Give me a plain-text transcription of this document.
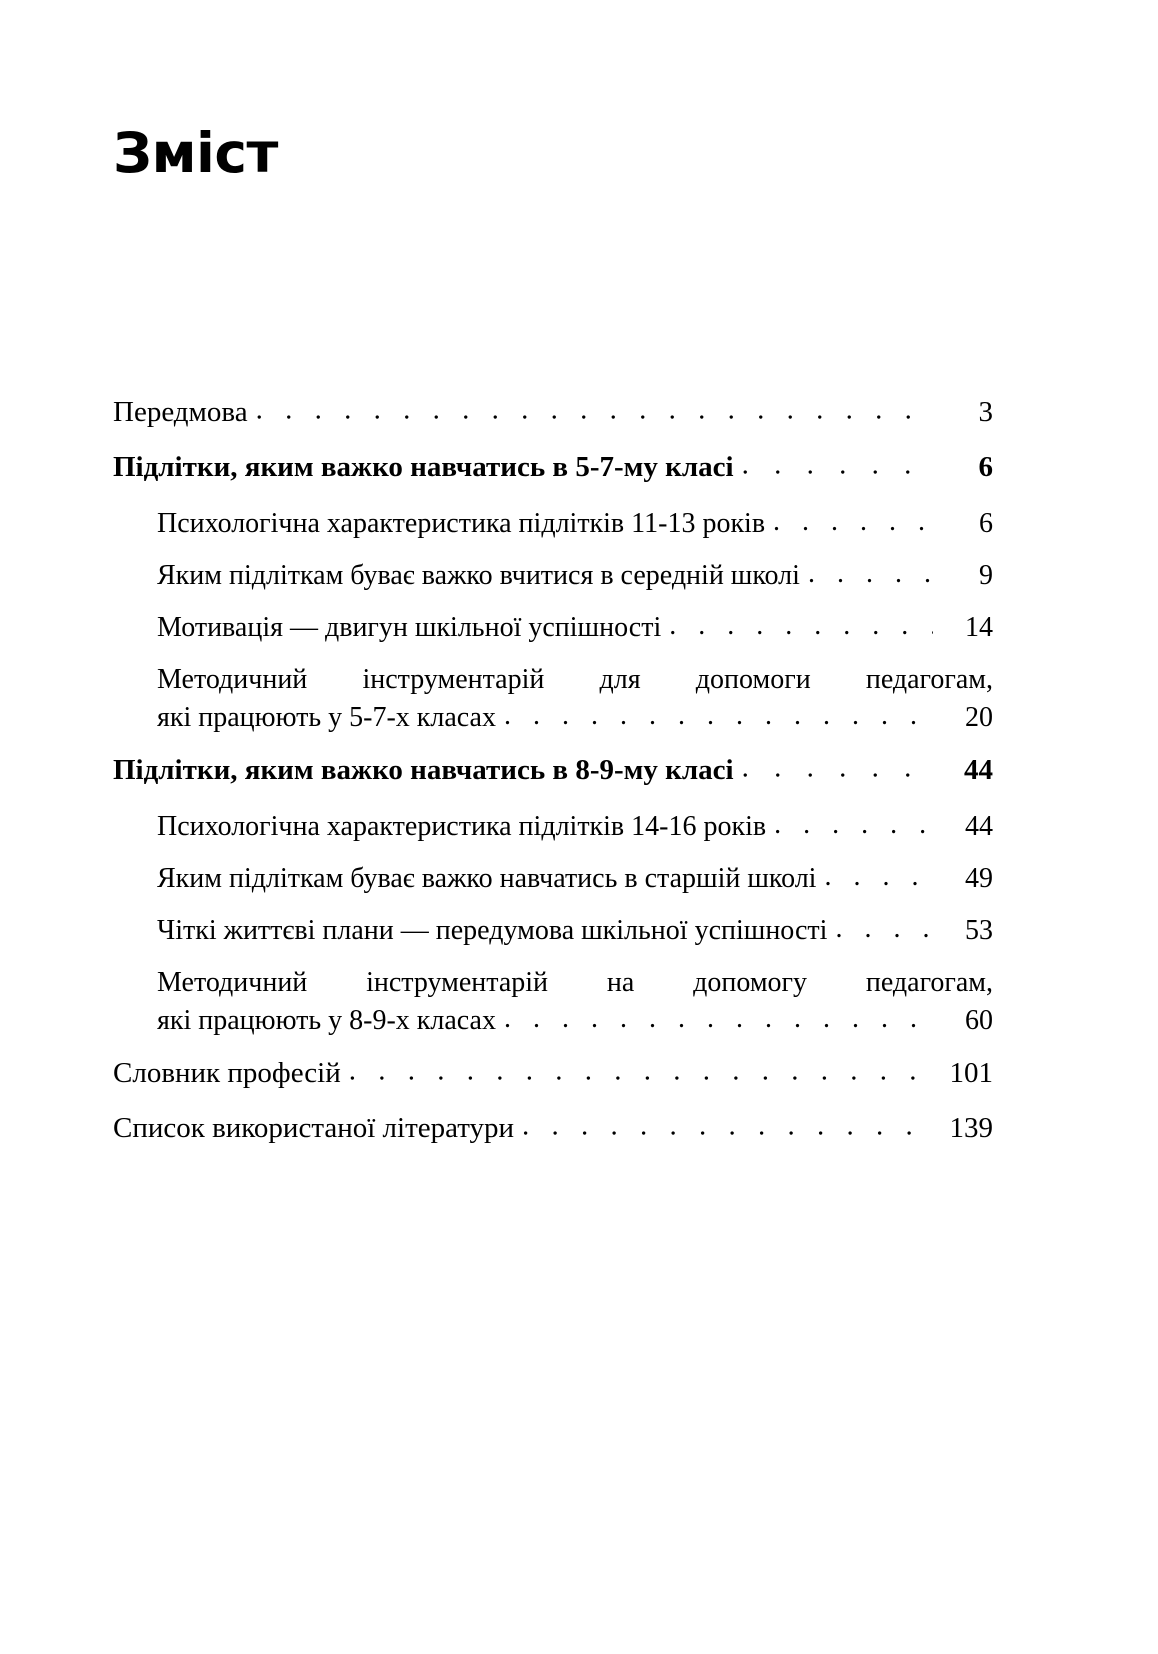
Зміст
Передмова . . .	3
Підлітки, яким важко навчатись в 5-7-му класі . . .	6
Психологічна характеристика підлітків 11-13 років . . .	6
Яким підліткам буває важко вчитися в середній школі . . .	9
Мотивація — двигун шкільної успішності . . .	14
Методичний інструментарій для допомоги педагогам,
які працюють у 5-7-х класах . . .	20
Підлітки, яким важко навчатись в 8-9-му класі . . .	44
Психологічна характеристика підлітків 14-16 років . . .	44
Яким підліткам буває важко навчатись в старшій школі . . .	49
Чіткі життєві плани — передумова шкільної успішності . . .	53
Методичний інструментарій на допомогу педагогам,
які працюють у 8-9-х класах . . .	60
Словник професій . . .	101
Список використаної літератури . . .	139
